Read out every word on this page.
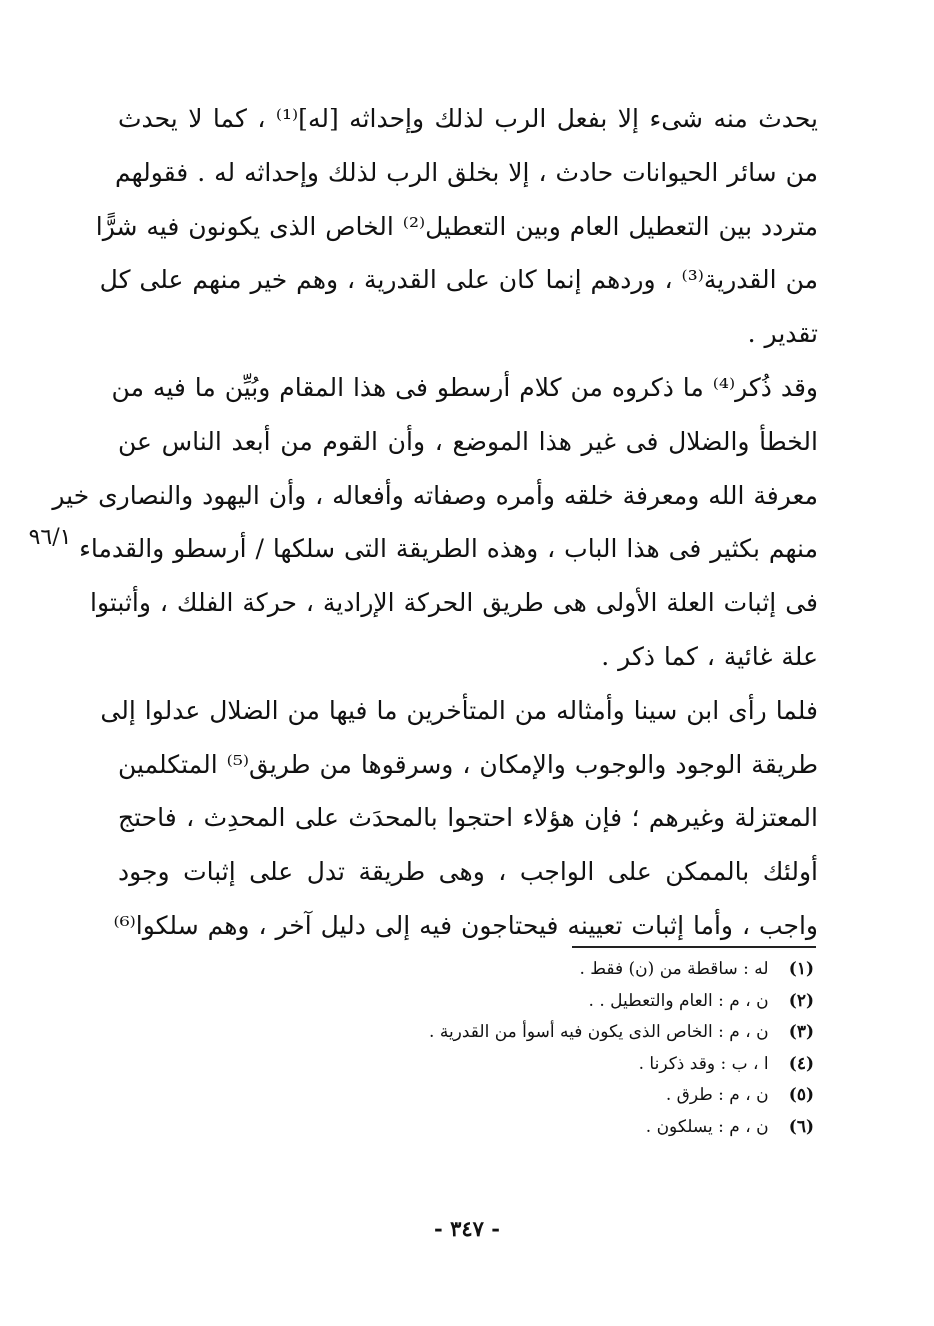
يحدث منه شىء إلا بفعل الرب لذلك وإحداثه [له]⁽¹⁾ ، كما لا يحدث
من سائر الحيوانات حادث ، إلا بخلق الرب لذلك وإحداثه له . فقولهم
متردد بين التعطيل العام وبين التعطيل⁽²⁾ الخاص الذى يكونون فيه شرًّا
من القدرية⁽³⁾ ، وردهم إنما كان على القدرية ، وهم خير منهم على كل
تقدير .
وقد ذُكر⁽⁴⁾ ما ذكروه من كلام أرسطو فى هذا المقام وبُيِّن ما فيه من
الخطأ والضلال فى غير هذا الموضع ، وأن القوم من أبعد الناس عن
معرفة الله ومعرفة خلقه وأمره وصفاته وأفعاله ، وأن اليهود والنصارى خير
منهم بكثير فى هذا الباب ، وهذه الطريقة التى سلكها / أرسطو والقدماء
فى إثبات العلة الأولى هى طريق الحركة الإرادية ، حركة الفلك ، وأثبتوا
علة غائية ، كما ذكر .
فلما رأى ابن سينا وأمثاله من المتأخرين ما فيها من الضلال عدلوا إلى
طريقة الوجود والوجوب والإمكان ، وسرقوها من طريق⁽⁵⁾ المتكلمين
المعتزلة وغيرهم ؛ فإن هؤلاء احتجوا بالمحدَث على المحدِث ، فاحتج
أولئك بالممكن على الواجب ، وهى طريقة تدل على إثبات وجود
واجب ، وأما إثبات تعيينه فيحتاجون فيه إلى دليل آخر ، وهم سلكوا⁽⁶⁾
٩٦/١
(١) له : ساقطة من (ن) فقط .
(٢) ن ، م : العام والتعطيل . .
(٣) ن ، م : الخاص الذى يكون فيه أسوأ من القدرية .
(٤) ا ، ب : وقد ذكرنا .
(٥) ن ، م : طرق .
(٦) ن ، م : يسلكون .
- ٣٤٧ -
